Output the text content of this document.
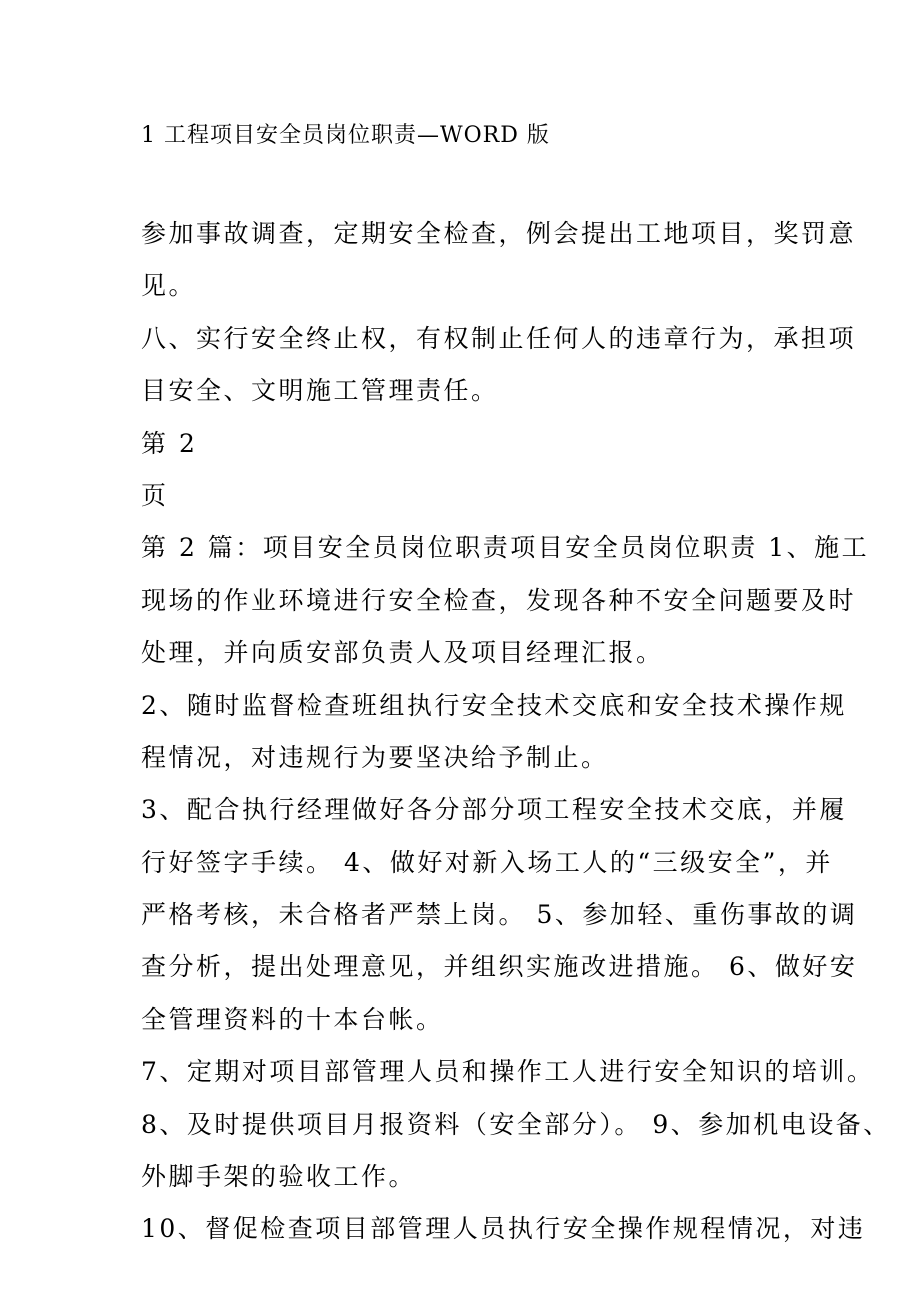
1 工程项目安全员岗位职责—WORD 版
参加事故调查，定期安全检查，例会提出工地项目，奖罚意
见。
八、实行安全终止权，有权制止任何人的违章行为，承担项
目安全、文明施工管理责任。
第 2
页
第 2 篇：项目安全员岗位职责项目安全员岗位职责 1、施工
现场的作业环境进行安全检查，发现各种不安全问题要及时
处理，并向质安部负责人及项目经理汇报。
2、随时监督检查班组执行安全技术交底和安全技术操作规
程情况，对违规行为要坚决给予制止。
3、配合执行经理做好各分部分项工程安全技术交底，并履
行好签字手续。 4、做好对新入场工人的“三级安全”，并
严格考核，未合格者严禁上岗。 5、参加轻、重伤事故的调
查分析，提出处理意见，并组织实施改进措施。 6、做好安
全管理资料的十本台帐。
7、定期对项目部管理人员和操作工人进行安全知识的培训。
8、及时提供项目月报资料（安全部分）。 9、参加机电设备、
外脚手架的验收工作。
10、督促检查项目部管理人员执行安全操作规程情况，对违
